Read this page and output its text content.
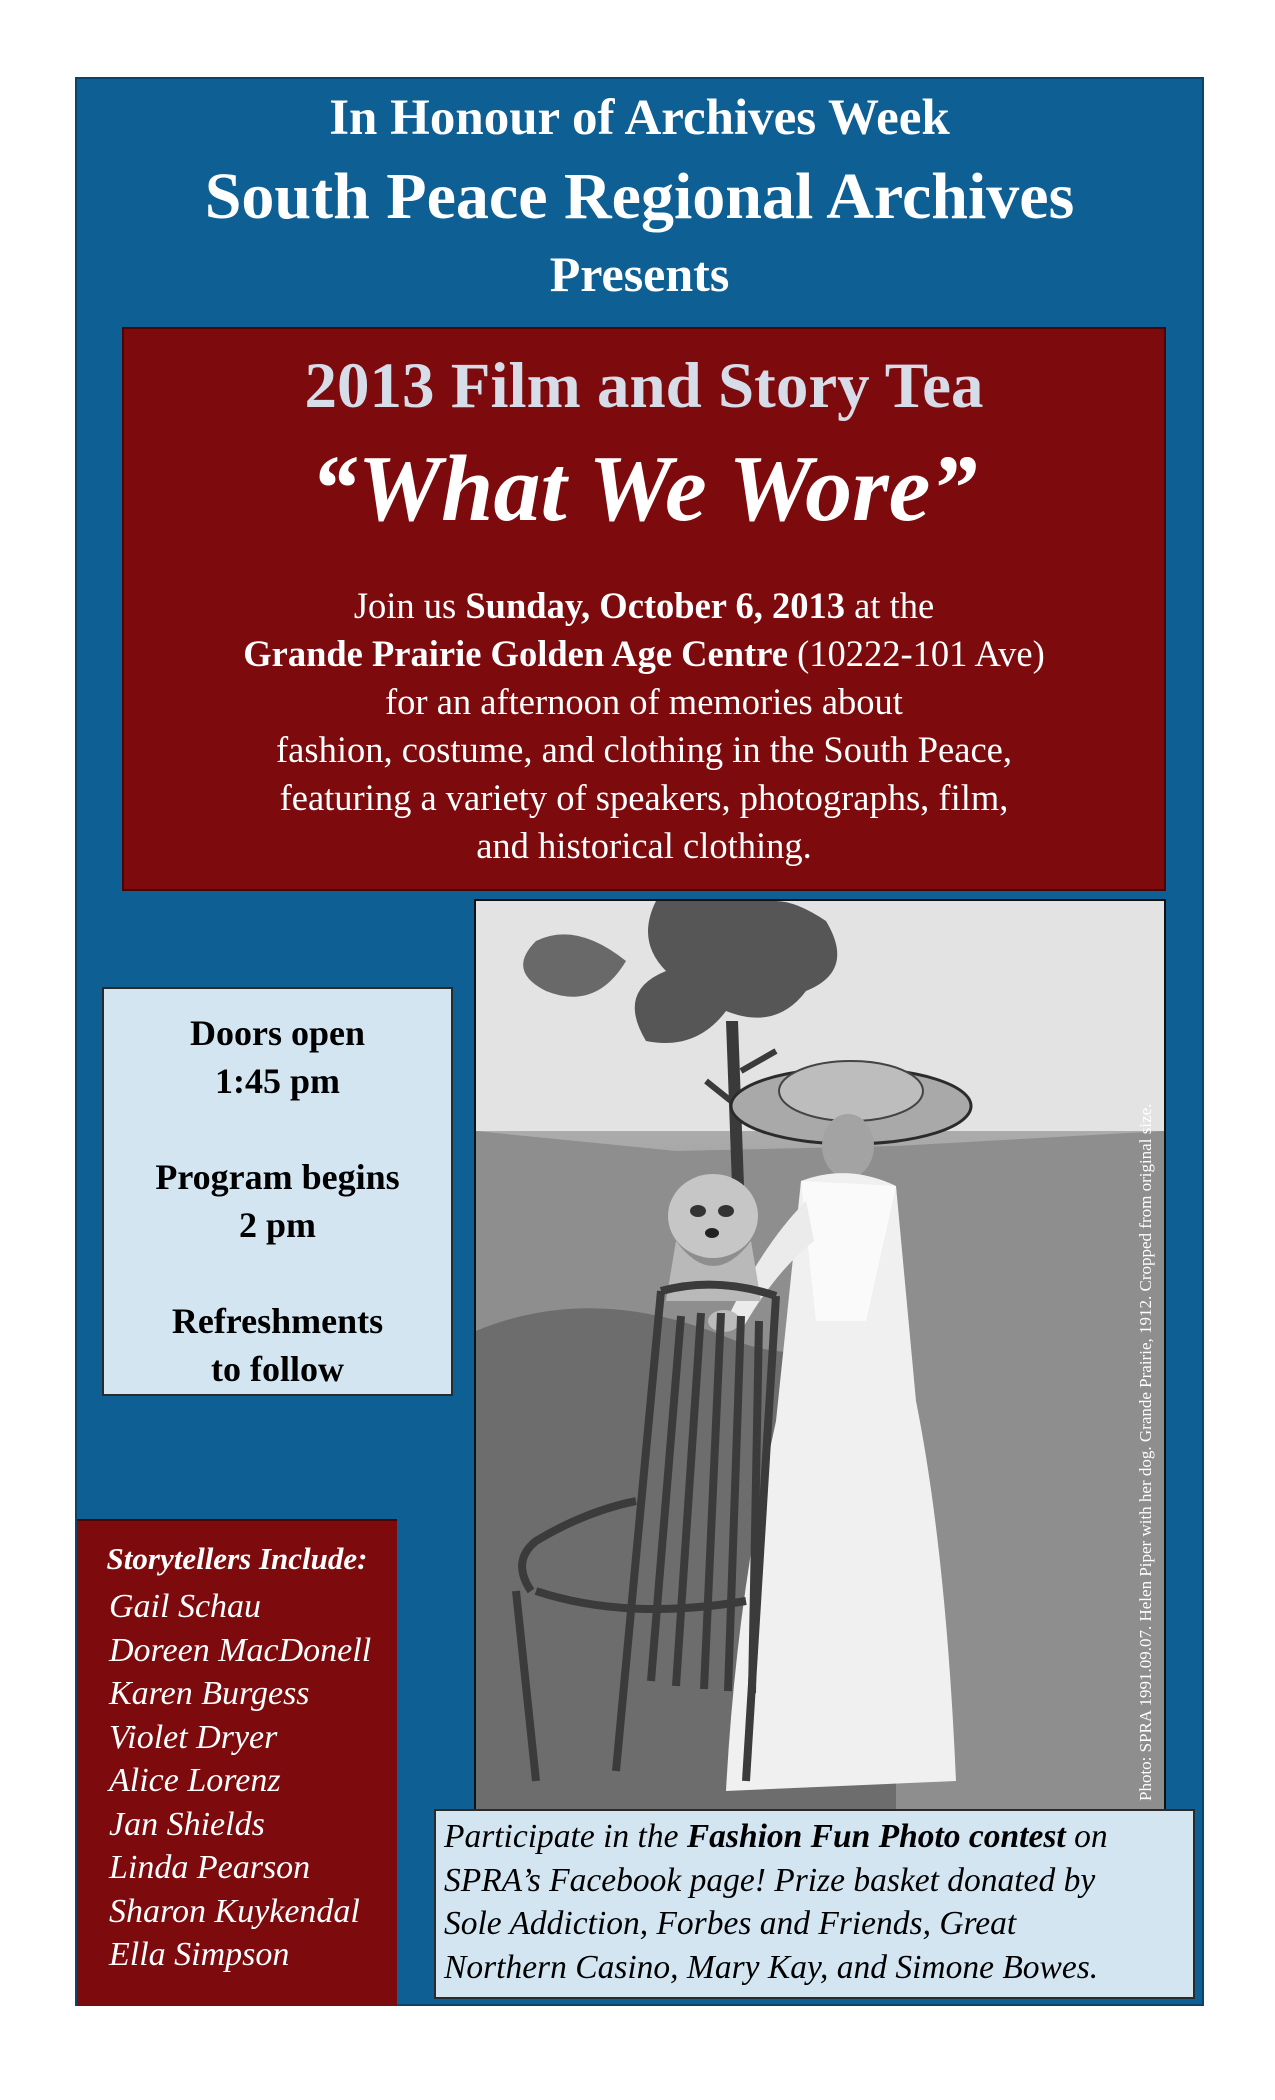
In Honour of Archives Week
South Peace Regional Archives
Presents
2013 Film and Story Tea
“What We Wore”
Join us Sunday, October 6, 2013 at the
Grande Prairie Golden Age Centre (10222-101 Ave)
for an afternoon of memories about
fashion, costume, and clothing in the South Peace,
featuring a variety of speakers, photographs, film,
and historical clothing.
Photo: SPRA 1991.09.07. Helen Piper with her dog. Grande Prairie, 1912. Cropped from original size.
Doors open
1:45 pm
Program begins
2 pm
Refreshments
to follow
Storytellers Include:
Gail Schau
Doreen MacDonell
Karen Burgess
Violet Dryer
Alice Lorenz
Jan Shields
Linda Pearson
Sharon Kuykendal
Ella Simpson
Participate in the Fashion Fun Photo contest on
SPRA’s Facebook page! Prize basket donated by
Sole Addiction, Forbes and Friends, Great
Northern Casino, Mary Kay, and Simone Bowes.
